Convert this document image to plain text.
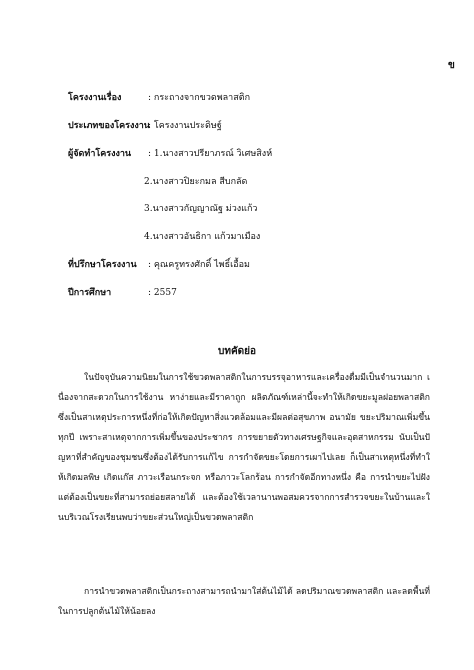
ข
โครงงานเรื่อง	: กระถางจากขวดพลาสติก
ประเภทของโครงงาน
: โครงงานประดิษฐ์
ผู้จัดทำโครงงาน : 1.นางสาวปรียาภรณ์ วิเศษสิงห์
2.นางสาวปิยะกมล สีบกลัด
3.นางสาวกัญญาณัฐ ม่วงแก้ว
4.นางสาวอันธิกา แก้วมาเมือง
ที่ปรึกษาโครงงาน : คุณครูทรงศักดิ์ ไพธิ์เอื้อม
ปีการศึกษา	: 2557
บทคัดย่อ
ในปัจจุบันความนิยมในการใช้ขวดพลาสติกในการบรรจุอาหารและเครื่องดื่มมีเป็นจำนวนมาก เนื่องจากสะดวกในการใช้งาน หาง่ายและมีราคาถูก ผลิตภัณฑ์เหล่านี้จะทำให้เกิดขยะมูลฝอยพลาสติก ซึ่งเป็นสาเหตุประการหนึ่งที่ก่อให้เกิดปัญหาสิ่งแวดล้อมและมีผลต่อสุขภาพ อนามัย ขยะปริมาณเพิ่มขึ้นทุกปี เพราะสาเหตุจากการเพิ่มขึ้นของประชากร การขยายตัวทางเศรษฐกิจและอุตสาหกรรม นับเป็นปัญหาที่สำคัญของชุมชนซึ่งต้องได้รับการแก้ไข การกำจัดขยะโดยการเผาไปเลย ก็เป็นสาเหตุหนึ่งที่ทำให้เกิดมลพิษ เกิดแก๊ส ภาวะเรือนกระจก หรือภาวะโลกร้อน การกำจัดอีกทางหนึ่ง คือ การนำขยะไปฝัง แต่ต้องเป็นขยะที่สามารถย่อยสลายได้ และต้องใช้เวลานานพอสมควรจากการสำรวจขยะในบ้านและในบริเวณโรงเรียนพบว่าขยะส่วนใหญ่เป็นขวดพลาสติก
การนำขวดพลาสติกเป็นกระถางสามารถนำมาใส่ต้นไม้ได้ ลดปริมาณขวดพลาสติก และลดพื้นที่ในการปลูกต้นไม้ให้น้อยลง
